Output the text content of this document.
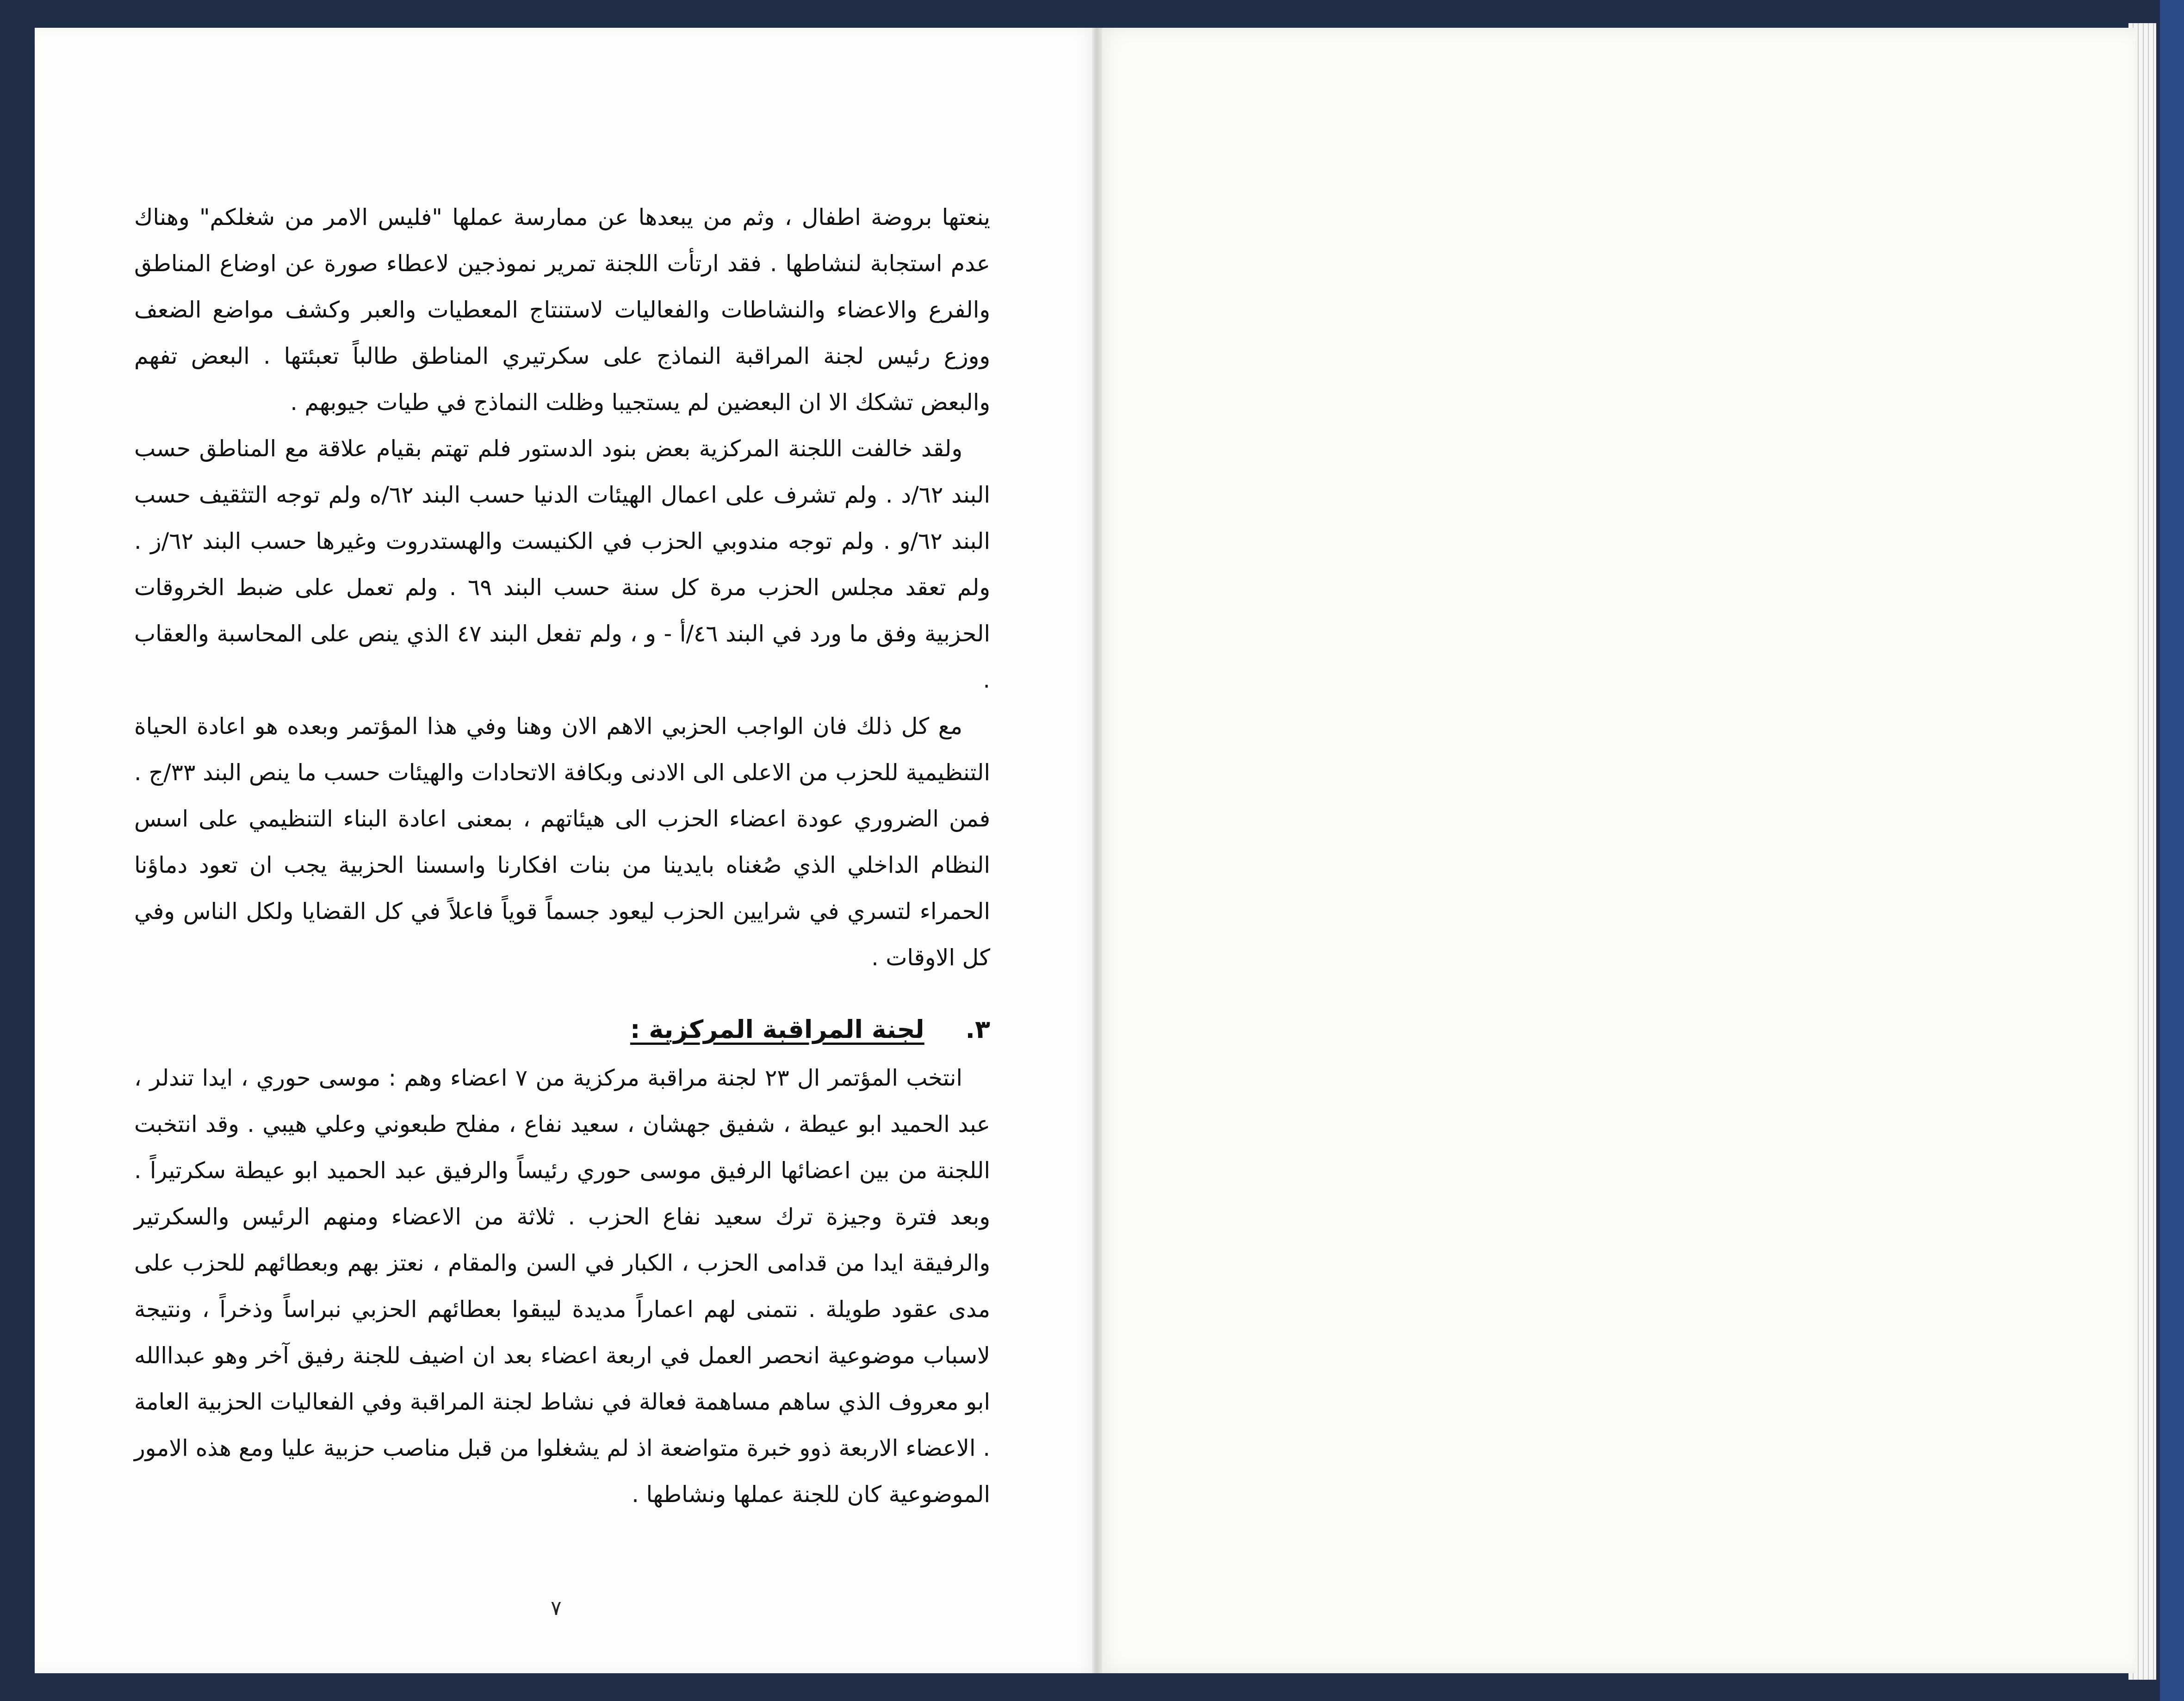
ينعتها بروضة اطفال ، وثم من يبعدها عن ممارسة عملها "فليس الامر من شغلكم" وهناك عدم استجابة لنشاطها . فقد ارتأت اللجنة تمرير نموذجين لاعطاء صورة عن اوضاع المناطق والفرع والاعضاء والنشاطات والفعاليات لاستنتاج المعطيات والعبر وكشف مواضع الضعف ووزع رئيس لجنة المراقبة النماذج على سكرتيري المناطق طالباً تعبئتها . البعض تفهم والبعض تشكك الا ان البعضين لم يستجيبا وظلت النماذج في طيات جيوبهم .

ولقد خالفت اللجنة المركزية بعض بنود الدستور فلم تهتم بقيام علاقة مع المناطق حسب البند ٦٢/د . ولم تشرف على اعمال الهيئات الدنيا حسب البند ٦٢/ه ولم توجه التثقيف حسب البند ٦٢/و . ولم توجه مندوبي الحزب في الكنيست والهستدروت وغيرها حسب البند ٦٢/ز . ولم تعقد مجلس الحزب مرة كل سنة حسب البند ٦٩ . ولم تعمل على ضبط الخروقات الحزبية وفق ما ورد في البند ٤٦/أ - و ، ولم تفعل البند ٤٧ الذي ينص على المحاسبة والعقاب .

مع كل ذلك فان الواجب الحزبي الاهم الان وهنا وفي هذا المؤتمر وبعده هو اعادة الحياة التنظيمية للحزب من الاعلى الى الادنى وبكافة الاتحادات والهيئات حسب ما ينص البند ٣٣/ج . فمن الضروري عودة اعضاء الحزب الى هيئاتهم ، بمعنى اعادة البناء التنظيمي على اسس النظام الداخلي الذي صُغناه بايدينا من بنات افكارنا واسسنا الحزبية يجب ان تعود دماؤنا الحمراء لتسري في شرايين الحزب ليعود جسماً قوياً فاعلاً في كل القضايا ولكل الناس وفي كل الاوقات .

٣. لجنة المراقبة المركزية :

انتخب المؤتمر ال ٢٣ لجنة مراقبة مركزية من ٧ اعضاء وهم : موسى حوري ، ايدا تندلر ، عبد الحميد ابو عيطة ، شفيق جهشان ، سعيد نفاع ، مفلح طبعوني وعلي هيبي . وقد انتخبت اللجنة من بين اعضائها الرفيق موسى حوري رئيساً والرفيق عبد الحميد ابو عيطة سكرتيراً . وبعد فترة وجيزة ترك سعيد نفاع الحزب . ثلاثة من الاعضاء ومنهم الرئيس والسكرتير والرفيقة ايدا من قدامى الحزب ، الكبار في السن والمقام ، نعتز بهم وبعطائهم للحزب على مدى عقود طويلة . نتمنى لهم اعماراً مديدة ليبقوا بعطائهم الحزبي نبراساً وذخراً ، ونتيجة لاسباب موضوعية انحصر العمل في اربعة اعضاء بعد ان اضيف للجنة رفيق آخر وهو عبداالله ابو معروف الذي ساهم مساهمة فعالة في نشاط لجنة المراقبة وفي الفعاليات الحزبية العامة . الاعضاء الاربعة ذوو خبرة متواضعة اذ لم يشغلوا من قبل مناصب حزبية عليا ومع هذه الامور الموضوعية كان للجنة عملها ونشاطها .

٧
